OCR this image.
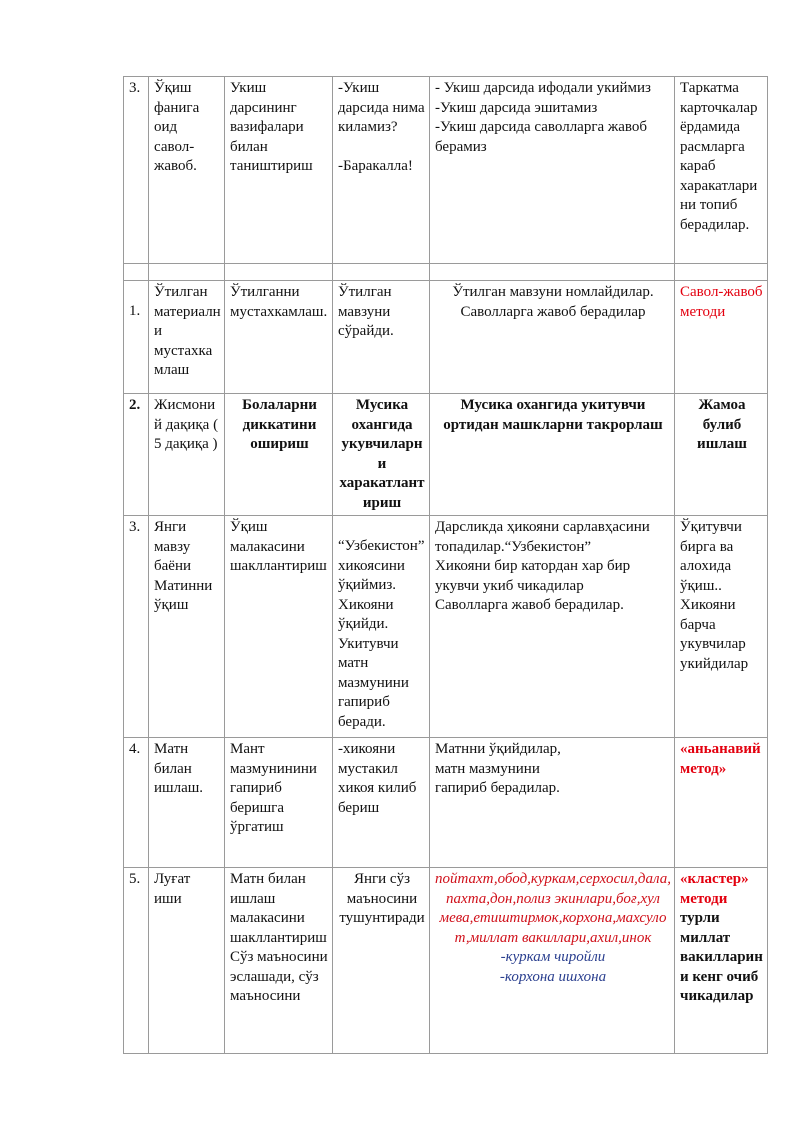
3.	Ўқиш фанига оид савол-жавоб.	Укиш дарсининг вазифалари билан таништириш	-Укиш дарсида нима киламиз?
-Баракалла!	- Укиш дарсида ифодали укиймиз
-Укиш дарсида эшитамиз
-Укиш дарсида саволларга жавоб берамиз	Таркатма карточкалар ёрдамида расмларга караб харакатларини топиб берадилар.

1.	Ўтилган материални мустахкамлаш	Ўтилганни мустахкамлаш.	Ўтилган мавзуни сўрайди.	Ўтилган мавзуни номлайдилар. Саволларга жавоб берадилар	Савол-жавоб методи
2.	Жисмоний дақиқа ( 5 дақиқа )	Болаларни диккатини ошириш	Мусика охангида укувчиларни харакатлантириш	Мусика охангида укитувчи ортидан машкларни такрорлаш	Жамоа булиб ишлаш
3.	Янги мавзу баёни Матинни ўқиш	Ўқиш малакасини шакллантириш	“Узбекистон” хикоясини ўқиймиз. Хикояни ўқийди. Укитувчи матн мазмунини гапириб беради.	Дарсликда ҳикояни сарлавҳасини топадилар.“Узбекистон”
Хикояни бир катордан хар бир укувчи укиб чикадилар
Саволларга жавоб берадилар.	Ўқитувчи бирга ва алохида ўқиш.. Хикояни барча укувчилар укийдилар
4.	Матн билан ишлаш.	Мант мазмунинини гапириб беришга ўргатиш	-хикояни мустакил хикоя килиб бериш	Матнни ўқийдилар,
матн мазмунини
гапириб берадилар.	«аньанавий метод»
5.	Луғат иши	Матн билан ишлаш малакасини шакллантириш Сўз маъносини эслашади, сўз маъносини	Янги сўз маъносини тушунтиради	пойтахт,обод,куркам,серхосил,дала,пахта,дон,полиз экинлари,боғ,хул мева,етиштирмок,корхона,махсулот,миллат вакиллари,ахил,инок
-куркам чиройли
-корхона ишхона	«кластер» методи
турли миллат вакилларини кенг очиб чикадилар
